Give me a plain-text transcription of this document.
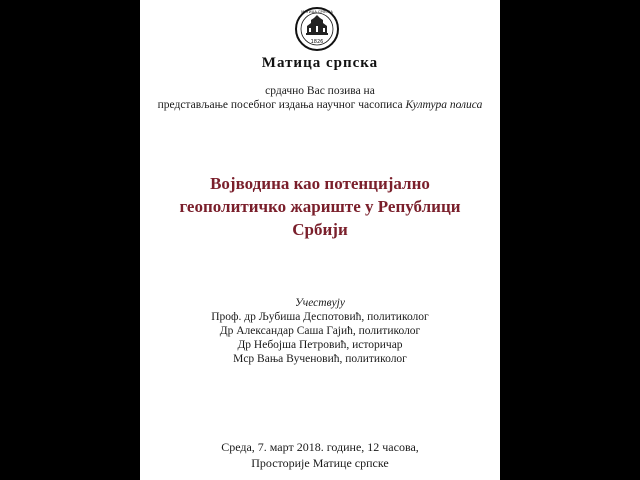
1826
МАТИЦА СРПСКА
Матица српска
срдачно Вас позива на
представљање посебног издања научног часописа Култура полиса
Војводина као потенцијално
геополитичко жариште у Републици
Србији
Учествују
Проф. др Љубиша Деспотовић, политиколог
Др Александар Саша Гајић, политиколог
Др Небојша Петровић, историчар
Мср Вања Вученовић, политиколог
Среда, 7. март 2018. године, 12 часова,
Просторије Матице српске
